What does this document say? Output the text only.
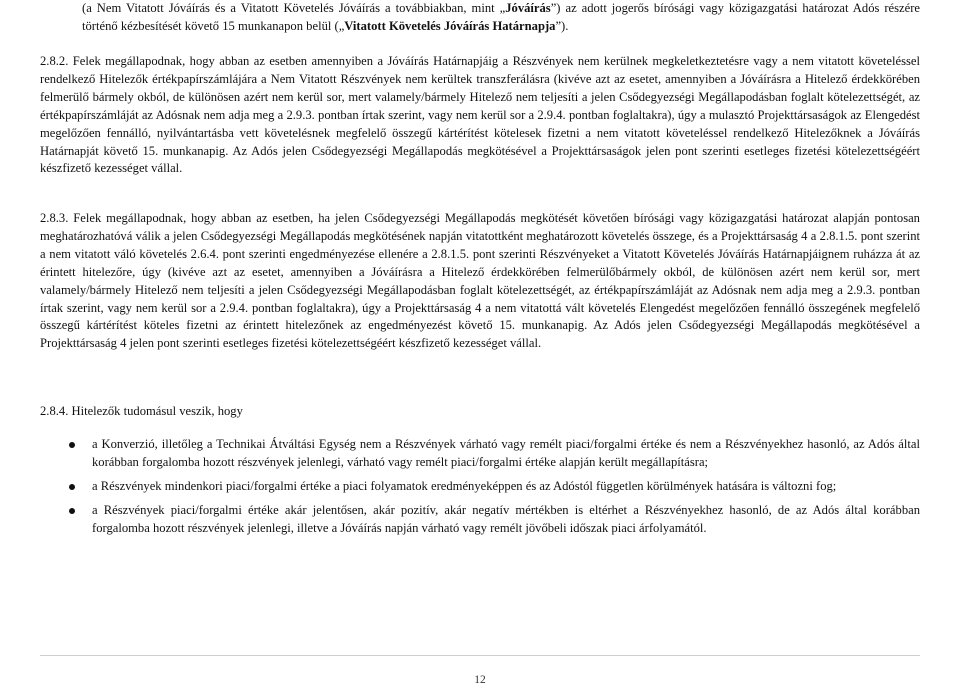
(a Nem Vitatott Jóváírás és a Vitatott Követelés Jóváírás a továbbiakban, mint „Jóváírás”) az adott jogerős bírósági vagy közigazgatási határozat Adós részére történő kézbesítését követő 15 munkanapon belül („Vitatott Követelés Jóváírás Határnapja”).

2.8.2. Felek megállapodnak, hogy abban az esetben amennyiben a Jóváírás Határnapjáig a Részvények nem kerülnek megkeletkeztetésre vagy a nem vitatott követeléssel rendelkező Hitelezők értékpapírszámlájára a Nem Vitatott Részvények nem kerültek transzferálásra (kivéve azt az esetet, amennyiben a Jóváírásra a Hitelező érdekkörében felmerülő bármely okból, de különösen azért nem kerül sor, mert valamely/bármely Hitelező nem teljesíti a jelen Csődegyezségi Megállapodásban foglalt kötelezettségét, az értékpapírszámláját az Adósnak nem adja meg a 2.9.3. pontban írtak szerint, vagy nem kerül sor a 2.9.4. pontban foglaltakra), úgy a mulasztó Projekttársaságok az Elengedést megelőzően fennálló, nyilvántartásba vett követelésnek megfelelő összegű kártérítést kötelesek fizetni a nem vitatott követeléssel rendelkező Hitelezőknek a Jóváírás Határnapját követő 15. munkanapig. Az Adós jelen Csődegyezségi Megállapodás megkötésével a Projekttársaságok jelen pont szerinti esetleges fizetési kötelezettségéért készfizető kezességet vállal.

2.8.3. Felek megállapodnak, hogy abban az esetben, ha jelen Csődegyezségi Megállapodás megkötését követően bírósági vagy közigazgatási határozat alapján pontosan meghatározhatóvá válik a jelen Csődegyezségi Megállapodás megkötésének napján vitatottként meghatározott követelés összege, és a Projekttársaság 4 a 2.8.1.5. pont szerint a nem vitatott váló követelés 2.6.4. pont szerinti engedményezése ellenére a 2.8.1.5. pont szerinti Részvényeket a Vitatott Követelés Jóváírás Határnapjáignem ruházza át az érintett hitelezőre, úgy (kivéve azt az esetet, amennyiben a Jóváírásra a Hitelező érdekkörében felmerülőbármely okból, de különösen azért nem kerül sor, mert valamely/bármely Hitelező nem teljesíti a jelen Csődegyezségi Megállapodásban foglalt kötelezettségét, az értékpapírszámláját az Adósnak nem adja meg a 2.9.3. pontban írtak szerint, vagy nem kerül sor a 2.9.4. pontban foglaltakra), úgy a Projekttársaság 4 a nem vitatottá vált követelés Elengedést megelőzően fennálló összegének megfelelő összegű kártérítést köteles fizetni az érintett hitelezőnek az engedményezést követő 15. munkanapig. Az Adós jelen Csődegyezségi Megállapodás megkötésével a Projekttársaság 4 jelen pont szerinti esetleges fizetési kötelezettségéért készfizető kezességet vállal.

2.8.4. Hitelezők tudomásul veszik, hogy

a Konverzió, illetőleg a Technikai Átváltási Egység nem a Részvények várható vagy remélt piaci/forgalmi értéke és nem a Részvényekhez hasonló, az Adós által korábban forgalomba hozott részvények jelenlegi, várható vagy remélt piaci/forgalmi értéke alapján került megállapításra;
a Részvények mindenkori piaci/forgalmi értéke a piaci folyamatok eredményeképpen és az Adóstól független körülmények hatására is változni fog;
a Részvények piaci/forgalmi értéke akár jelentősen, akár pozitív, akár negatív mértékben is eltérhet a Részvényekhez hasonló, de az Adós által korábban forgalomba hozott részvények jelenlegi, illetve a Jóváírás napján várható vagy remélt jövőbeli időszak piaci árfolyamától.
12
